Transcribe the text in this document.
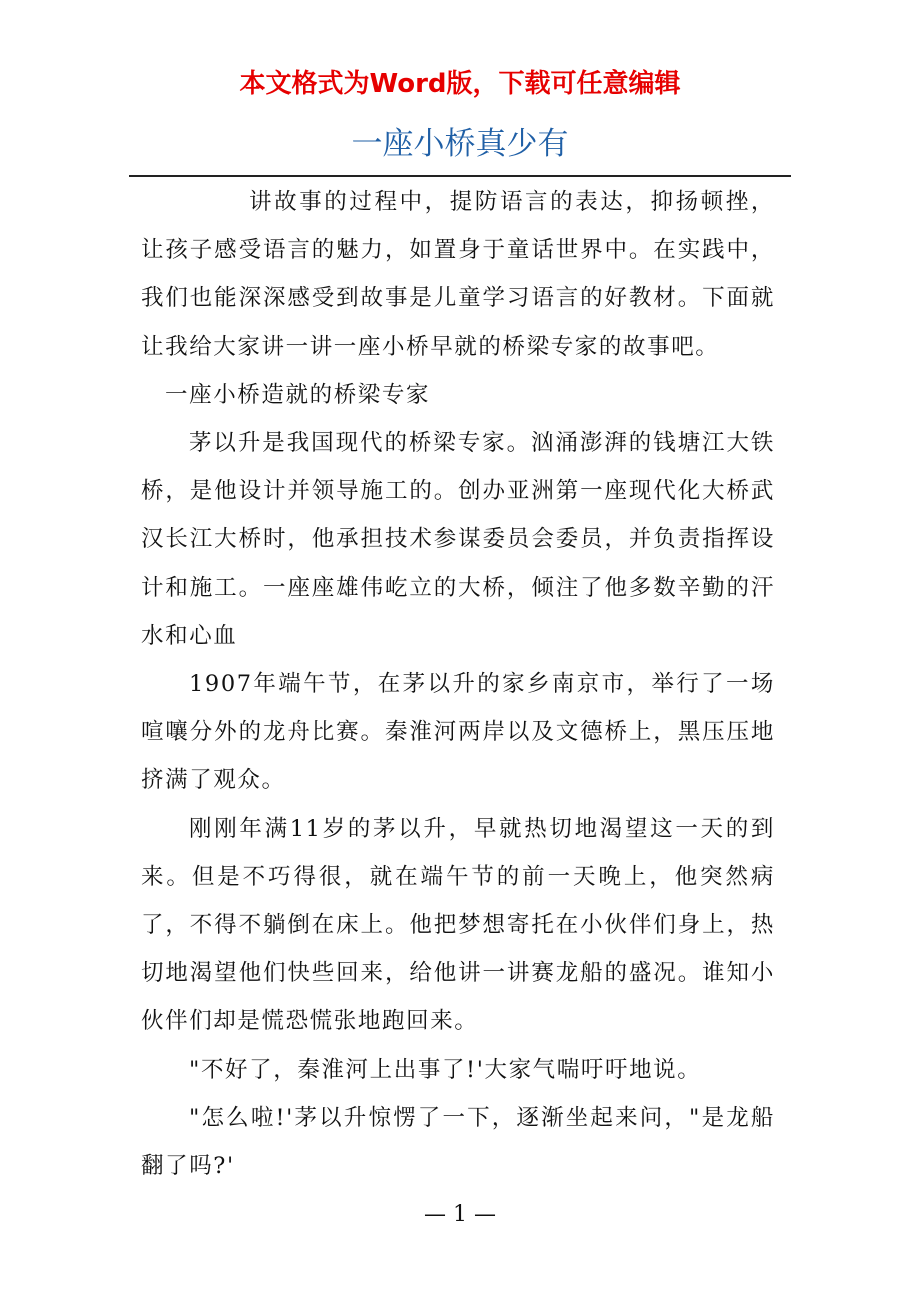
本文格式为Word版，下载可任意编辑
一座小桥真少有

讲故事的过程中，提防语言的表达，抑扬顿挫，让孩子感受语言的魅力，如置身于童话世界中。在实践中，我们也能深深感受到故事是儿童学习语言的好教材。下面就让我给大家讲一讲一座小桥早就的桥梁专家的故事吧。

一座小桥造就的桥梁专家

茅以升是我国现代的桥梁专家。汹涌澎湃的钱塘江大铁桥，是他设计并领导施工的。创办亚洲第一座现代化大桥武汉长江大桥时，他承担技术参谋委员会委员，并负责指挥设计和施工。一座座雄伟屹立的大桥，倾注了他多数辛勤的汗水和心血

1907年端午节，在茅以升的家乡南京市，举行了一场喧嚷分外的龙舟比赛。秦淮河两岸以及文德桥上，黑压压地挤满了观众。

刚刚年满11岁的茅以升，早就热切地渴望这一天的到来。但是不巧得很，就在端午节的前一天晚上，他突然病了，不得不躺倒在床上。他把梦想寄托在小伙伴们身上，热切地渴望他们快些回来，给他讲一讲赛龙船的盛况。谁知小伙伴们却是慌恐慌张地跑回来。

"不好了，秦淮河上出事了!'大家气喘吁吁地说。

"怎么啦!'茅以升惊愣了一下，逐渐坐起来问，"是龙船翻了吗?'

— 1 —
